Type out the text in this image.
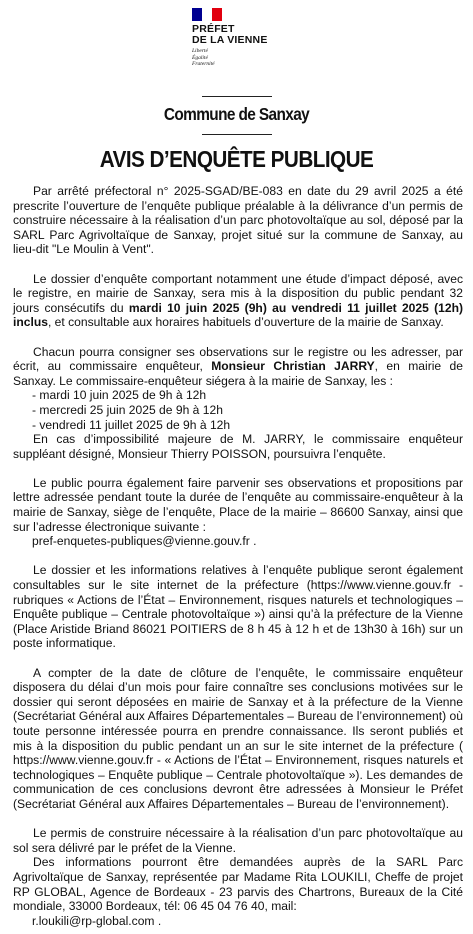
PRÉFET
DE LA VIENNE
Liberté
Égalité
Fraternité
Commune de Sanxay
AVIS D’ENQUÊTE PUBLIQUE

Par arrêté préfectoral n° 2025-SGAD/BE-083 en date du 29 avril 2025 a été prescrite l’ouverture de l’enquête publique préalable à la délivrance d’un permis de construire nécessaire à la réalisation d’un parc photovoltaïque au sol, déposé par la SARL Parc Agrivoltaïque de Sanxay, projet situé sur la commune de Sanxay, au lieu-dit "Le Moulin à Vent".

Le dossier d’enquête comportant notamment une étude d’impact déposé, avec le registre, en mairie de Sanxay, sera mis à la disposition du public pendant 32 jours consécutifs du mardi 10 juin 2025 (9h) au vendredi 11 juillet 2025 (12h) inclus, et consultable aux horaires habituels d’ouverture de la mairie de Sanxay.

Chacun pourra consigner ses observations sur le registre ou les adresser, par écrit, au commissaire enquêteur, Monsieur Christian JARRY, en mairie de Sanxay. Le commissaire-enquêteur siégera à la mairie de Sanxay, les :

- mardi 10 juin 2025 de 9h à 12h

- mercredi 25 juin 2025 de 9h à 12h

- vendredi 11 juillet 2025 de 9h à 12h

En cas d’impossibilité majeure de M. JARRY, le commissaire enquêteur suppléant désigné, Monsieur Thierry POISSON, poursuivra l’enquête.

Le public pourra également faire parvenir ses observations et propositions par lettre adressée pendant toute la durée de l’enquête au commissaire-enquêteur à la mairie de Sanxay, siège de l’enquête, Place de la mairie – 86600 Sanxay, ainsi que sur l’adresse électronique suivante :

pref-enquetes-publiques@vienne.gouv.fr .

Le dossier et les informations relatives à l’enquête publique seront également consultables sur le site internet de la préfecture (https://www.vienne.gouv.fr - rubriques « Actions de l’État – Environnement, risques naturels et technologiques – Enquête publique – Centrale photovoltaïque ») ainsi qu’à la préfecture de la Vienne (Place Aristide Briand 86021 POITIERS de 8 h 45 à 12 h et de 13h30 à 16h) sur un poste informatique.

A compter de la date de clôture de l’enquête, le commissaire enquêteur disposera du délai d’un mois pour faire connaître ses conclusions motivées sur le dossier qui seront déposées en mairie de Sanxay et à la préfecture de la Vienne (Secrétariat Général aux Affaires Départementales – Bureau de l’environnement) où toute personne intéressée pourra en prendre connaissance. Ils seront publiés et mis à la disposition du public pendant un an sur le site internet de la préfecture ( https://www.vienne.gouv.fr - « Actions de l’État – Environnement, risques naturels et technologiques – Enquête publique – Centrale photovoltaïque »). Les demandes de communication de ces conclusions devront être adressées à Monsieur le Préfet (Secrétariat Général aux Affaires Départementales – Bureau de l’environnement).

Le permis de construire nécessaire à la réalisation d’un parc photovoltaïque au sol sera délivré par le préfet de la Vienne.

Des informations pourront être demandées auprès de la SARL Parc Agrivoltaïque de Sanxay, représentée par Madame Rita LOUKILI, Cheffe de projet RP GLOBAL, Agence de Bordeaux - 23 parvis des Chartrons, Bureaux de la Cité mondiale, 33000 Bordeaux, tél: 06 45 04 76 40, mail:

r.loukili@rp-global.com .
